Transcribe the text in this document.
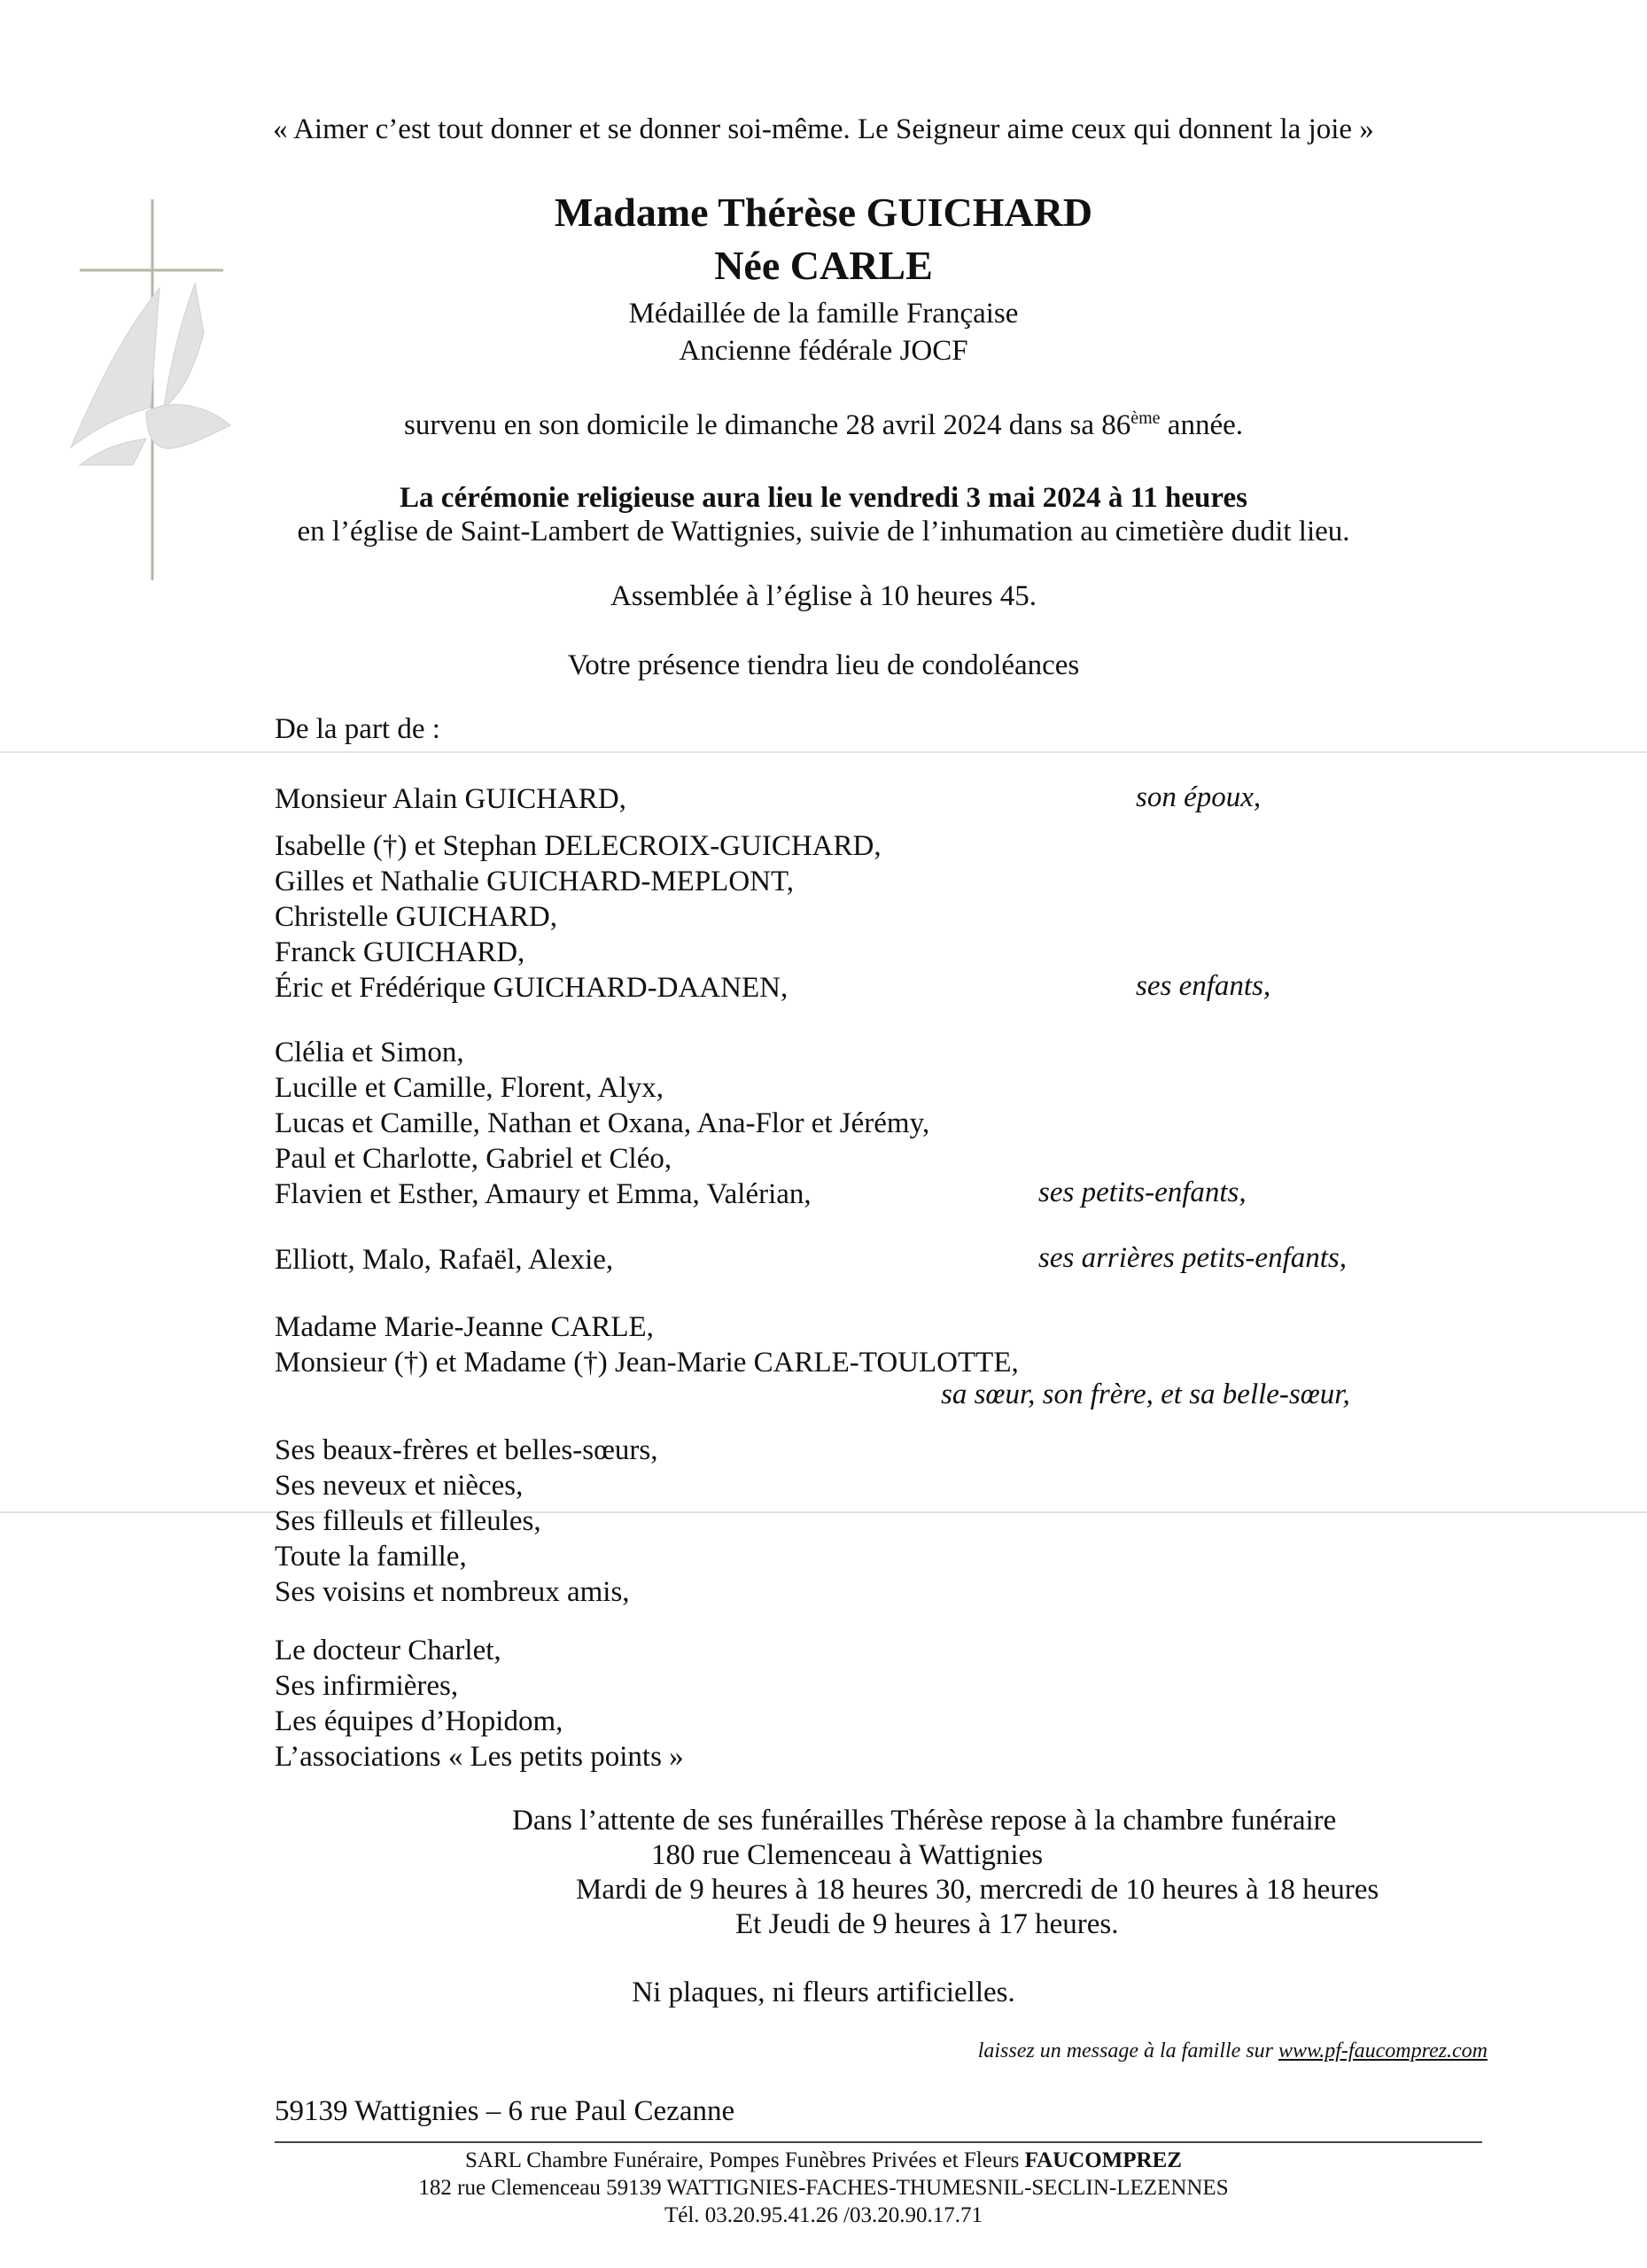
« Aimer c’est tout donner et se donner soi-même. Le Seigneur aime ceux qui donnent la joie »
Madame Thérèse GUICHARD
Née CARLE
Médaillée de la famille Française
Ancienne fédérale JOCF
survenu en son domicile le dimanche 28 avril 2024 dans sa 86ème année.
La cérémonie religieuse aura lieu le vendredi 3 mai 2024 à 11 heures
en l’église de Saint-Lambert de Wattignies, suivie de l’inhumation au cimetière dudit lieu.
Assemblée à l’église à 10 heures 45.
Votre présence tiendra lieu de condoléances
De la part de :
Monsieur Alain GUICHARD,	son époux,
Isabelle (†) et Stephan DELECROIX-GUICHARD,
Gilles et Nathalie GUICHARD-MEPLONT,
Christelle GUICHARD,
Franck GUICHARD,
Éric et Frédérique GUICHARD-DAANEN,	ses enfants,
Clélia et Simon,
Lucille et Camille, Florent, Alyx,
Lucas et Camille, Nathan et Oxana, Ana-Flor et Jérémy,
Paul et Charlotte, Gabriel et Cléo,
Flavien et Esther, Amaury et Emma, Valérian,	ses petits-enfants,
Elliott, Malo, Rafaël, Alexie,	ses arrières petits-enfants,
Madame Marie-Jeanne CARLE,
Monsieur (†) et Madame (†) Jean-Marie CARLE-TOULOTTE,
sa sœur, son frère, et sa belle-sœur,
Ses beaux-frères et belles-sœurs,
Ses neveux et nièces,
Ses filleuls et filleules,
Toute la famille,
Ses voisins et nombreux amis,
Le docteur Charlet,
Ses infirmières,
Les équipes d’Hopidom,
L’associations « Les petits points »
Dans l’attente de ses funérailles Thérèse repose à la chambre funéraire
180 rue Clemenceau à Wattignies
Mardi de 9 heures à 18 heures 30, mercredi de 10 heures à 18 heures
Et Jeudi de 9 heures à 17 heures.
Ni plaques, ni fleurs artificielles.
laissez un message à la famille sur www.pf-faucomprez.com
59139 Wattignies – 6 rue Paul Cezanne
SARL Chambre Funéraire, Pompes Funèbres Privées et Fleurs FAUCOMPREZ
182 rue Clemenceau 59139 WATTIGNIES-FACHES-THUMESNIL-SECLIN-LEZENNES
Tél. 03.20.95.41.26 /03.20.90.17.71
